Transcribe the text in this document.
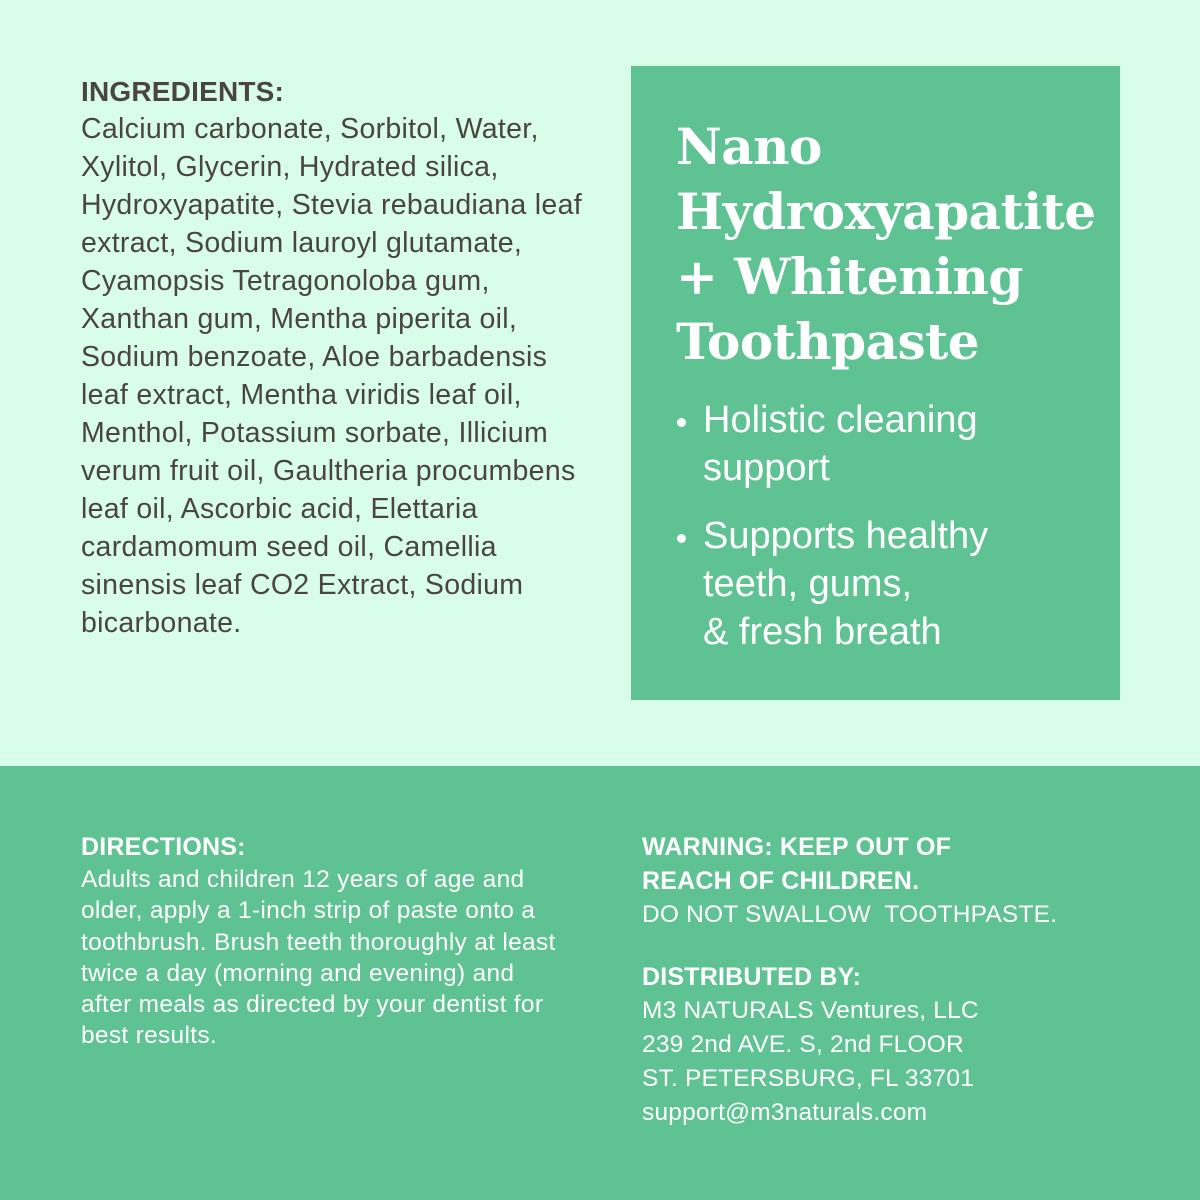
INGREDIENTS:
Calcium carbonate, Sorbitol, Water, Xylitol, Glycerin, Hydrated silica, Hydroxyapatite, Stevia rebaudiana leaf extract, Sodium lauroyl glutamate, Cyamopsis Tetragonoloba gum, Xanthan gum, Mentha piperita oil, Sodium benzoate, Aloe barbadensis leaf extract, Mentha viridis leaf oil, Menthol, Potassium sorbate, Illicium verum fruit oil, Gaultheria procumbens leaf oil, Ascorbic acid, Elettaria cardamomum seed oil, Camellia sinensis leaf CO2 Extract, Sodium bicarbonate.
Nano
Hydroxyapatite
+ Whitening
Toothpaste
Holistic cleaning
support
Supports healthy
teeth, gums,
& fresh breath
DIRECTIONS:
Adults and children 12 years of age and older, apply a 1-inch strip of paste onto a toothbrush. Brush teeth thoroughly at least twice a day (morning and evening) and after meals as directed by your dentist for best results.
WARNING: KEEP OUT OF
REACH OF CHILDREN.
DO NOT SWALLOW  TOOTHPASTE.
DISTRIBUTED BY:
M3 NATURALS Ventures, LLC
239 2nd AVE. S, 2nd FLOOR
ST. PETERSBURG, FL 33701
support@m3naturals.com
